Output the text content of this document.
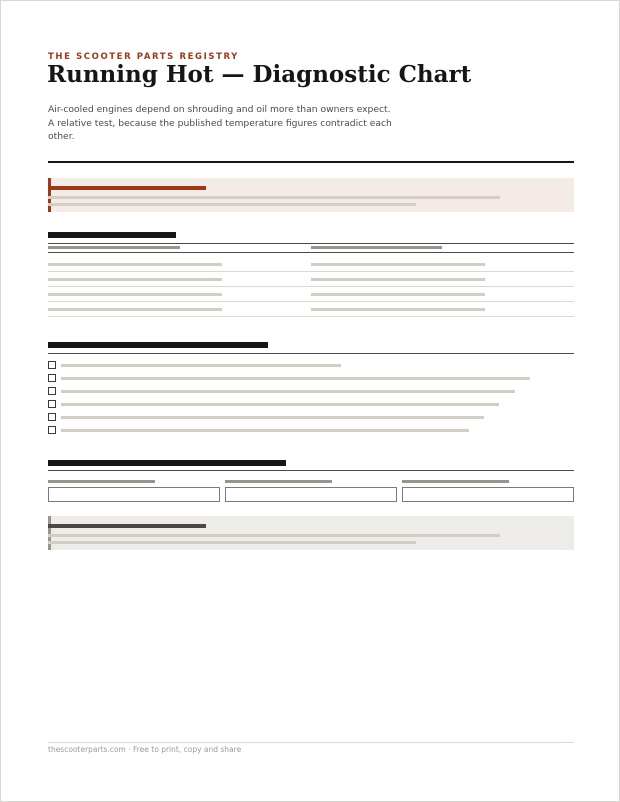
THE SCOOTER PARTS REGISTRY
Running Hot — Diagnostic Chart

Air-cooled engines depend on shrouding and oil more than owners expect. A relative test, because the published temperature figures contradict each other.

thescooterparts.com · Free to print, copy and share
